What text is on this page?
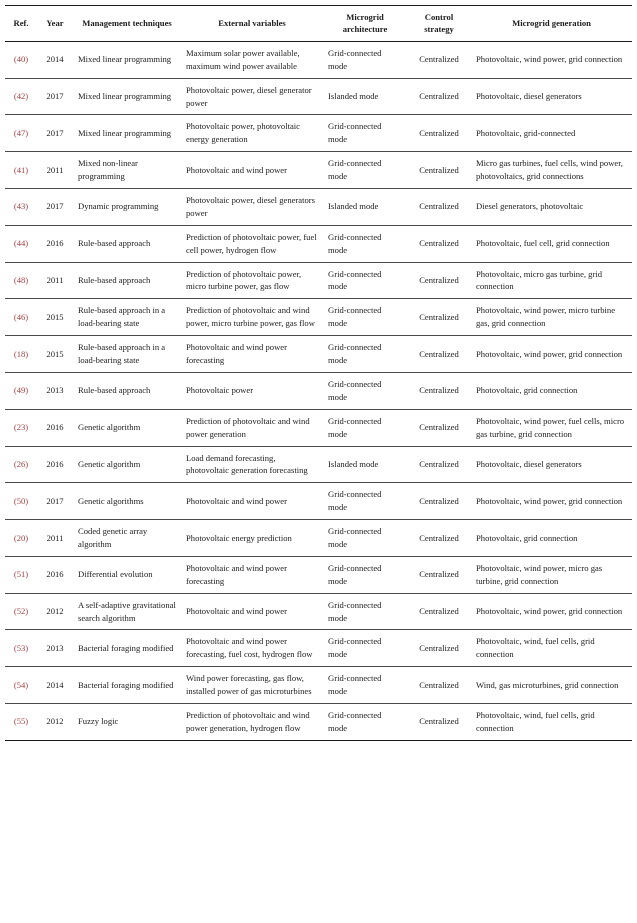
Ref.	Year	Management techniques	External variables	Microgrid architecture	Control strategy	Microgrid generation
(40)	2014	Mixed linear programming	Maximum solar power available, maximum wind power available	Grid-connected mode	Centralized	Photovoltaic, wind power, grid connection
(42)	2017	Mixed linear programming	Photovoltaic power, diesel generator power	Islanded mode	Centralized	Photovoltaic, diesel generators
(47)	2017	Mixed linear programming	Photovoltaic power, photovoltaic energy generation	Grid-connected mode	Centralized	Photovoltaic, grid-connected
(41)	2011	Mixed non-linear programming	Photovoltaic and wind power	Grid-connected mode	Centralized	Micro gas turbines, fuel cells, wind power, photovoltaics, grid connections
(43)	2017	Dynamic programming	Photovoltaic power, diesel generators power	Islanded mode	Centralized	Diesel generators, photovoltaic
(44)	2016	Rule-based approach	Prediction of photovoltaic power, fuel cell power, hydrogen flow	Grid-connected mode	Centralized	Photovoltaic, fuel cell, grid connection
(48)	2011	Rule-based approach	Prediction of photovoltaic power, micro turbine power, gas flow	Grid-connected mode	Centralized	Photovoltaic, micro gas turbine, grid connection
(46)	2015	Rule-based approach in a load-bearing state	Prediction of photovoltaic and wind power, micro turbine power, gas flow	Grid-connected mode	Centralized	Photovoltaic, wind power, micro turbine gas, grid connection
(18)	2015	Rule-based approach in a load-bearing state	Photovoltaic and wind power forecasting	Grid-connected mode	Centralized	Photovoltaic, wind power, grid connection
(49)	2013	Rule-based approach	Photovoltaic power	Grid-connected mode	Centralized	Photovoltaic, grid connection
(23)	2016	Genetic algorithm	Prediction of photovoltaic and wind power generation	Grid-connected mode	Centralized	Photovoltaic, wind power, fuel cells, micro gas turbine, grid connection
(26)	2016	Genetic algorithm	Load demand forecasting, photovoltaic generation forecasting	Islanded mode	Centralized	Photovoltaic, diesel generators
(50)	2017	Genetic algorithms	Photovoltaic and wind power	Grid-connected mode	Centralized	Photovoltaic, wind power, grid connection
(20)	2011	Coded genetic array algorithm	Photovoltaic energy prediction	Grid-connected mode	Centralized	Photovoltaic, grid connection
(51)	2016	Differential evolution	Photovoltaic and wind power forecasting	Grid-connected mode	Centralized	Photovoltaic, wind power, micro gas turbine, grid connection
(52)	2012	A self-adaptive gravitational search algorithm	Photovoltaic and wind power	Grid-connected mode	Centralized	Photovoltaic, wind power, grid connection
(53)	2013	Bacterial foraging modified	Photovoltaic and wind power forecasting, fuel cost, hydrogen flow	Grid-connected mode	Centralized	Photovoltaic, wind, fuel cells, grid connection
(54)	2014	Bacterial foraging modified	Wind power forecasting, gas flow, installed power of gas microturbines	Grid-connected mode	Centralized	Wind, gas microturbines, grid connection
(55)	2012	Fuzzy logic	Prediction of photovoltaic and wind power generation, hydrogen flow	Grid-connected mode	Centralized	Photovoltaic, wind, fuel cells, grid connection
